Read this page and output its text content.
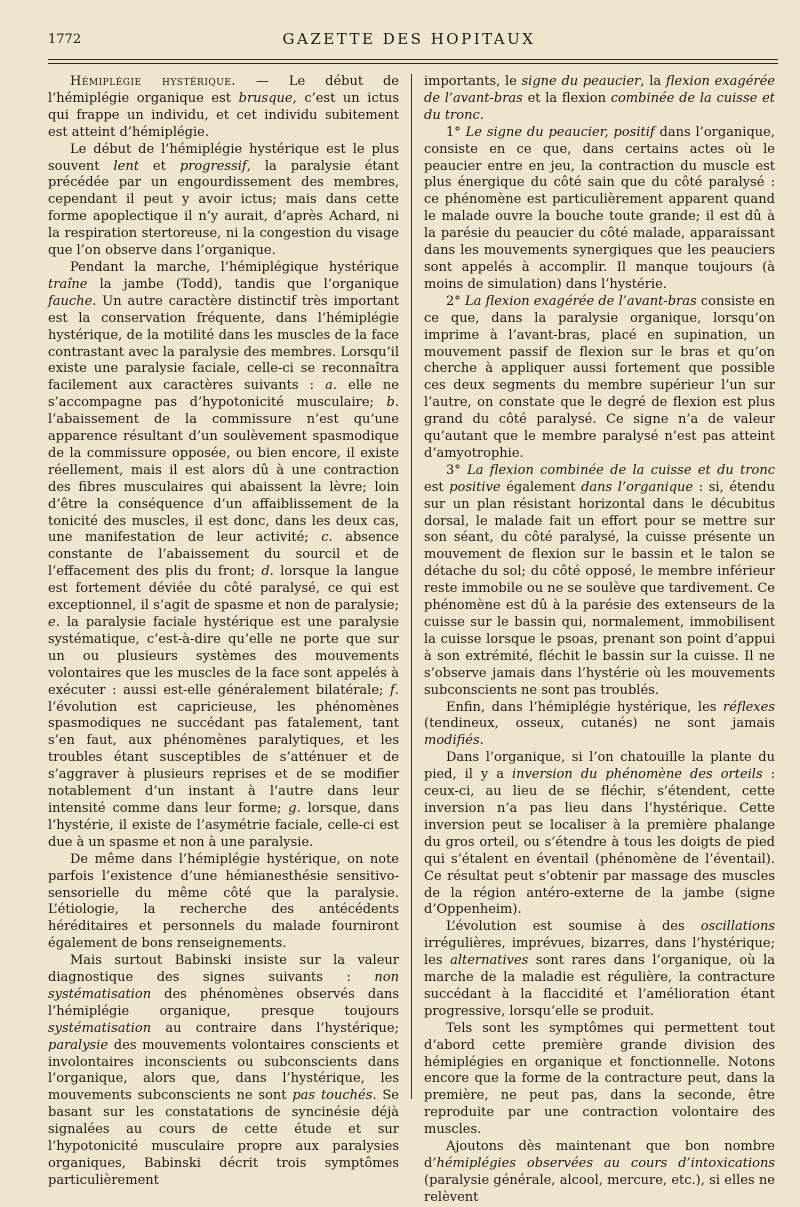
1772	GAZETTE DES HOPITAUX

Hémiplégie hystérique. — Le début de l’hémiplégie organique est brusque, c’est un ictus qui frappe un individu, et cet individu subitement est atteint d’hémiplégie.

Le début de l’hémiplégie hystérique est le plus souvent lent et progressif, la paralysie étant précédée par un engourdissement des membres, cependant il peut y avoir ictus; mais dans cette forme apoplectique il n’y aurait, d’après Achard, ni la respiration stertoreuse, ni la congestion du visage que l’on observe dans l’organique.

Pendant la marche, l’hémiplégique hystérique traîne la jambe (Todd), tandis que l’organique fauche. Un autre caractère distinctif très important est la conservation fréquente, dans l’hémiplégie hystérique, de la motilité dans les muscles de la face contrastant avec la paralysie des membres. Lorsqu’il existe une paralysie faciale, celle-ci se reconnaîtra facilement aux caractères suivants : a. elle ne s’accompagne pas d’hypotonicité musculaire; b. l’abaissement de la commissure n’est qu’une apparence résultant d’un soulèvement spasmodique de la commissure opposée, ou bien encore, il existe réellement, mais il est alors dû à une contraction des fibres musculaires qui abaissent la lèvre; loin d’être la conséquence d’un affaiblissement de la tonicité des muscles, il est donc, dans les deux cas, une manifestation de leur activité; c. absence constante de l’abaissement du sourcil et de l’effacement des plis du front; d. lorsque la langue est fortement déviée du côté paralysé, ce qui est exceptionnel, il s’agit de spasme et non de paralysie; e. la paralysie faciale hystérique est une paralysie systématique, c’est-à-dire qu’elle ne porte que sur un ou plusieurs systèmes des mouvements volontaires que les muscles de la face sont appelés à exécuter : aussi est-elle généralement bilatérale; f. l’évolution est capricieuse, les phénomènes spasmodiques ne succédant pas fatalement, tant s’en faut, aux phénomènes paralytiques, et les troubles étant susceptibles de s’atténuer et de s’aggraver à plusieurs reprises et de se modifier notablement d’un instant à l’autre dans leur intensité comme dans leur forme; g. lorsque, dans l’hystérie, il existe de l’asymétrie faciale, celle-ci est due à un spasme et non à une paralysie.

De même dans l’hémiplégie hystérique, on note parfois l’existence d’une hémianesthésie sensitivo-sensorielle du même côté que la paralysie. L’étiologie, la recherche des antécédents héréditaires et personnels du malade fourniront également de bons renseignements.

Mais surtout Babinski insiste sur la valeur diagnostique des signes suivants : non systématisation des phénomènes observés dans l’hémiplégie organique, presque toujours systématisation au contraire dans l’hystérique; paralysie des mouvements volontaires conscients et involontaires inconscients ou subconscients dans l’organique, alors que, dans l’hystérique, les mouvements subconscients ne sont pas touchés. Se basant sur les constatations de syncinésie déjà signalées au cours de cette étude et sur l’hypotonicité musculaire propre aux paralysies organiques, Babinski décrit trois symptômes particulièrement

importants, le signe du peaucier, la flexion exagérée de l’avant-bras et la flexion combinée de la cuisse et du tronc.

1° Le signe du peaucier, positif dans l’organique, consiste en ce que, dans certains actes où le peaucier entre en jeu, la contraction du muscle est plus énergique du côté sain que du côté paralysé : ce phénomène est particulièrement apparent quand le malade ouvre la bouche toute grande; il est dû à la parésie du peaucier du côté malade, apparaissant dans les mouvements synergiques que les peauciers sont appelés à accomplir. Il manque toujours (à moins de simulation) dans l’hystérie.

2° La flexion exagérée de l’avant-bras consiste en ce que, dans la paralysie organique, lorsqu’on imprime à l’avant-bras, placé en supination, un mouvement passif de flexion sur le bras et qu’on cherche à appliquer aussi fortement que possible ces deux segments du membre supérieur l’un sur l’autre, on constate que le degré de flexion est plus grand du côté paralysé. Ce signe n’a de valeur qu’autant que le membre paralysé n’est pas atteint d’amyotrophie.

3° La flexion combinée de la cuisse et du tronc est positive également dans l’organique : si, étendu sur un plan résistant horizontal dans le décubitus dorsal, le malade fait un effort pour se mettre sur son séant, du côté paralysé, la cuisse présente un mouvement de flexion sur le bassin et le talon se détache du sol; du côté opposé, le membre inférieur reste immobile ou ne se soulève que tardivement. Ce phénomène est dû à la parésie des extenseurs de la cuisse sur le bassin qui, normalement, immobilisent la cuisse lorsque le psoas, prenant son point d’appui à son extrémité, fléchit le bassin sur la cuisse. Il ne s’observe jamais dans l’hystérie où les mouvements subconscients ne sont pas troublés.

Enfin, dans l’hémiplégie hystérique, les réflexes (tendineux, osseux, cutanés) ne sont jamais modifiés.

Dans l’organique, si l’on chatouille la plante du pied, il y a inversion du phénomène des orteils : ceux-ci, au lieu de se fléchir, s’étendent, cette inversion n’a pas lieu dans l’hystérique. Cette inversion peut se localiser à la première phalange du gros orteil, ou s’étendre à tous les doigts de pied qui s’étalent en éventail (phénomène de l’éventail). Ce résultat peut s’obtenir par massage des muscles de la région antéro-externe de la jambe (signe d’Oppenheim).

L’évolution est soumise à des oscillations irrégulières, imprévues, bizarres, dans l’hystérique; les alternatives sont rares dans l’organique, où la marche de la maladie est régulière, la contracture succédant à la flaccidité et l’amélioration étant progressive, lorsqu’elle se produit.

Tels sont les symptômes qui permettent tout d’abord cette première grande division des hémiplégies en organique et fonctionnelle. Notons encore que la forme de la contracture peut, dans la première, ne peut pas, dans la seconde, être reproduite par une contraction volontaire des muscles.

Ajoutons dès maintenant que bon nombre d’hémiplégies observées au cours d’intoxications (paralysie générale, alcool, mercure, etc.), si elles ne relèvent
